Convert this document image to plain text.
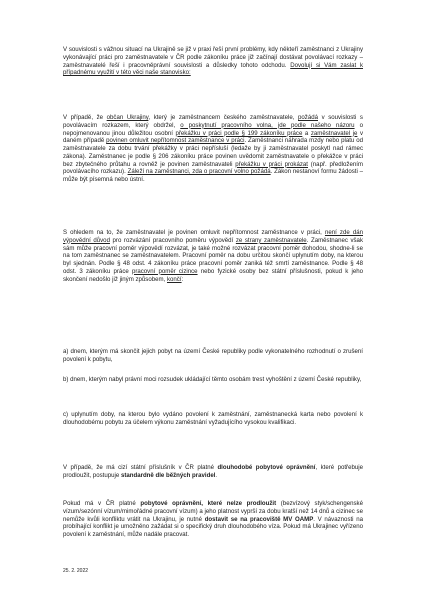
V souvislosti s vážnou situací na Ukrajině se již v praxi řeší první problémy, kdy někteří zaměstnanci z Ukrajiny vykonávající práci pro zaměstnavatele v ČR podle zákoníku práce již začínají dostávat povolávací rozkazy – zaměstnavatelé řeší i pracovněprávní souvislosti a důsledky tohoto odchodu. Dovolují si Vám zaslat k případnému využití v této věci naše stanovisko:

V případě, že občan Ukrajiny, který je zaměstnancem českého zaměstnavatele, požádá v souvislosti s povolávacím rozkazem, který obdržel, o poskytnutí pracovního volna, jde podle našeho názoru o nepojmenovanou jinou důležitou osobní překážku v práci podle § 199 zákoníku práce a zaměstnavatel je v daném případě povinen omluvit nepřítomnost zaměstnance v práci. Zaměstnanci náhrada mzdy nebo platu od zaměstnavatele za dobu trvání překážky v práci nepřísluší (ledaže by ji zaměstnavatel poskytl nad rámec zákona). Zaměstnanec je podle § 206 zákoníku práce povinen uvědomit zaměstnavatele o překážce v práci bez zbytečného průtahu a rovněž je povinen zaměstnavateli překážku v práci prokázat (např. předložením povolávacího rozkazu). Záleží na zaměstnanci, zda o pracovní volno požádá. Zákon nestanoví formu žádosti – může být písemná nebo ústní.

S ohledem na to, že zaměstnavatel je povinen omluvit nepřítomnost zaměstnance v práci, není zde dán výpovědní důvod pro rozvázání pracovního poměru výpovědí ze strany zaměstnavatele. Zaměstnanec však sám může pracovní poměr výpovědí rozvázat, je také možné rozvázat pracovní poměr dohodou, shodne-li se na tom zaměstnanec se zaměstnavatelem. Pracovní poměr na dobu určitou skončí uplynutím doby, na kterou byl sjednán. Podle § 48 odst. 4 zákoníku práce pracovní poměr zaniká též smrtí zaměstnance. Podle § 48 odst. 3 zákoníku práce pracovní poměr cizince nebo fyzické osoby bez státní příslušnosti, pokud k jeho skončení nedošlo již jiným způsobem, končí:

a) dnem, kterým má skončit jejich pobyt na území České republiky podle vykonatelného rozhodnutí o zrušení povolení k pobytu,

b) dnem, kterým nabyl právní moci rozsudek ukládající těmto osobám trest vyhoštění z území České republiky,

c) uplynutím doby, na kterou bylo vydáno povolení k zaměstnání, zaměstnanecká karta nebo povolení k dlouhodobému pobytu za účelem výkonu zaměstnání vyžadujícího vysokou kvalifikaci.

V případě, že má cizí státní příslušník v ČR platné dlouhodobé pobytové oprávnění, které potřebuje prodloužit, postupuje standardně dle běžných pravidel.

Pokud má v ČR platné pobytové oprávnění, které nelze prodloužit (bezvízový styk/schengenské vízum/sezónní vízum/mimořádné pracovní vízum) a jeho platnost vyprší za dobu kratší než 14 dnů a cizinec se nemůže kvůli konfliktu vrátit na Ukrajinu, je nutné dostavit se na pracoviště MV OAMP. V návaznosti na probíhající konflikt je umožněno zažádat si o specifický druh dlouhodobého víza. Pokud má Ukrajinec vyřízeno povolení k zaměstnání, může nadále pracovat.

25. 2. 2022
